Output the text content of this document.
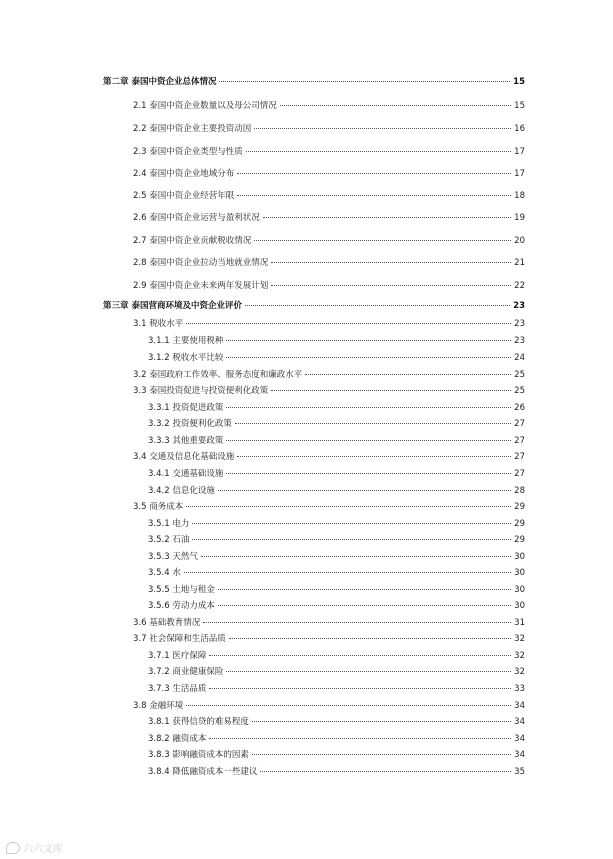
第二章 泰国中资企业总体情况	15
2.1 泰国中资企业数量以及母公司情况	15
2.2 泰国中资企业主要投资动因	16
2.3 泰国中资企业类型与性质	17
2.4 泰国中资企业地域分布	17
2.5 泰国中资企业经营年限	18
2.6 泰国中资企业运营与盈利状况	19
2.7 泰国中资企业贡献税收情况	20
2.8 泰国中资企业拉动当地就业情况	21
2.9 泰国中资企业未来两年发展计划	22
第三章 泰国营商环境及中资企业评价	23
3.1 税收水平	23
3.1.1 主要使用税种	23
3.1.2 税收水平比较	24
3.2 泰国政府工作效率、服务态度和廉政水平	25
3.3 泰国投资促进与投资便利化政策	25
3.3.1 投资促进政策	26
3.3.2 投资便利化政策	27
3.3.3 其他重要政策	27
3.4 交通及信息化基础设施	27
3.4.1 交通基础设施	27
3.4.2 信息化设施	28
3.5 商务成本	29
3.5.1 电力	29
3.5.2 石油	29
3.5.3 天然气	30
3.5.4 水	30
3.5.5 土地与租金	30
3.5.6 劳动力成本	30
3.6 基础教育情况	31
3.7 社会保障和生活品质	32
3.7.1 医疗保障	32
3.7.2 商业健康保险	32
3.7.3 生活品质	33
3.8 金融环境	34
3.8.1 获得信贷的难易程度	34
3.8.2 融资成本	34
3.8.3 影响融资成本的因素	34
3.8.4 降低融资成本一些建议	35
六六文库
